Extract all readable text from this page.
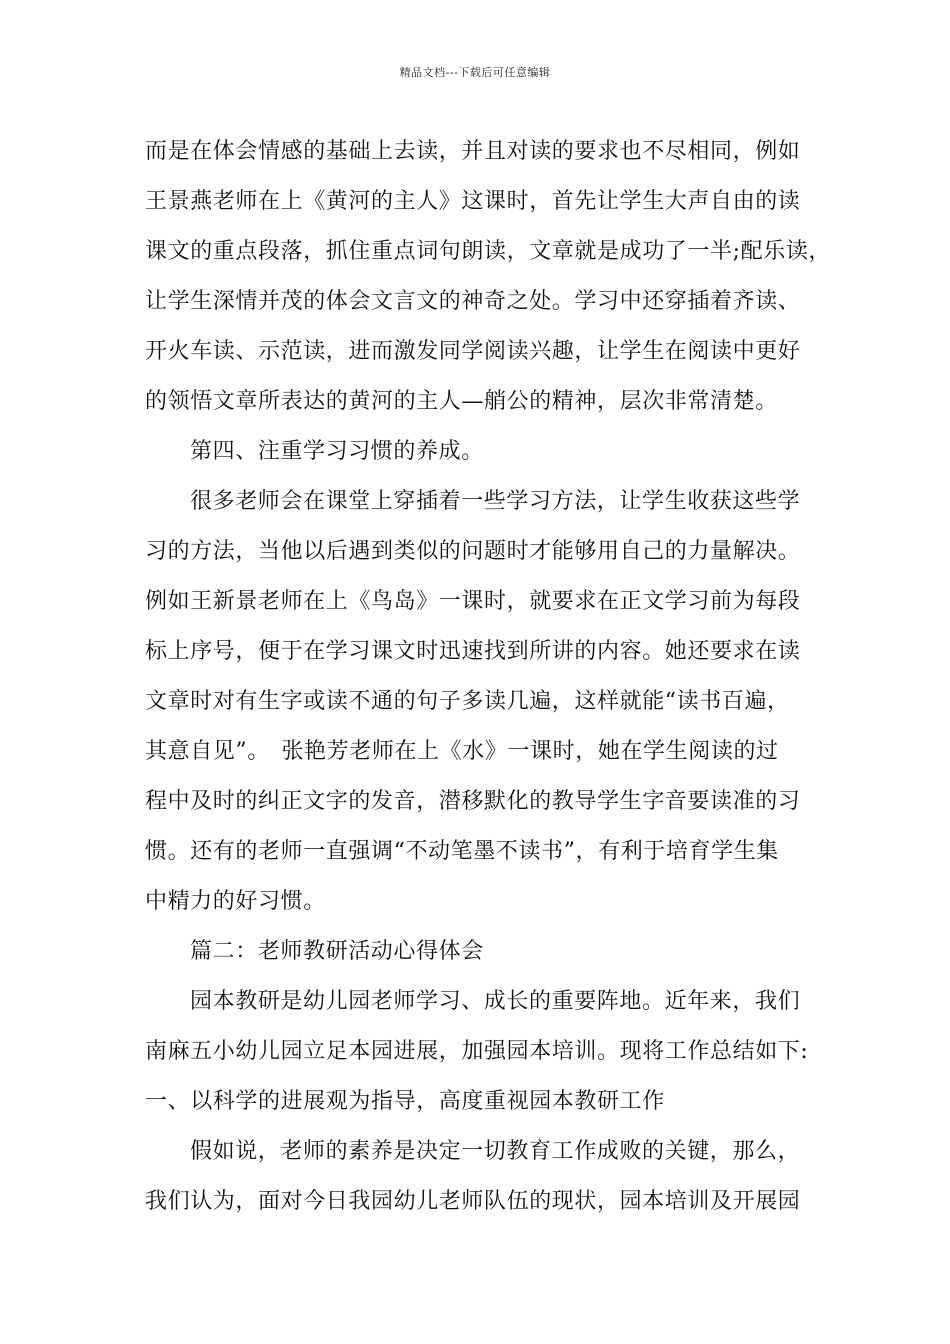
精品文档---下载后可任意编辑
而是在体会情感的基础上去读，并且对读的要求也不尽相同，例如
王景燕老师在上《黄河的主人》这课时，首先让学生大声自由的读
课文的重点段落，抓住重点词句朗读，文章就是成功了一半;配乐读，
让学生深情并茂的体会文言文的神奇之处。学习中还穿插着齐读、
开火车读、示范读，进而激发同学阅读兴趣，让学生在阅读中更好
的领悟文章所表达的黄河的主人—艄公的精神，层次非常清楚。
第四、注重学习习惯的养成。
很多老师会在课堂上穿插着一些学习方法，让学生收获这些学
习的方法，当他以后遇到类似的问题时才能够用自己的力量解决。
例如王新景老师在上《鸟岛》一课时，就要求在正文学习前为每段
标上序号，便于在学习课文时迅速找到所讲的内容。她还要求在读
文章时对有生字或读不通的句子多读几遍，这样就能“读书百遍，
其意自见”。　张艳芳老师在上《水》一课时，她在学生阅读的过
程中及时的纠正文字的发音，潜移默化的教导学生字音要读准的习
惯。还有的老师一直强调“不动笔墨不读书”，有利于培育学生集
中精力的好习惯。
篇二：老师教研活动心得体会
园本教研是幼儿园老师学习、成长的重要阵地。近年来，我们
南麻五小幼儿园立足本园进展，加强园本培训。现将工作总结如下:
一、以科学的进展观为指导，高度重视园本教研工作
假如说，老师的素养是决定一切教育工作成败的关键，那么，
我们认为，面对今日我园幼儿老师队伍的现状，园本培训及开展园
